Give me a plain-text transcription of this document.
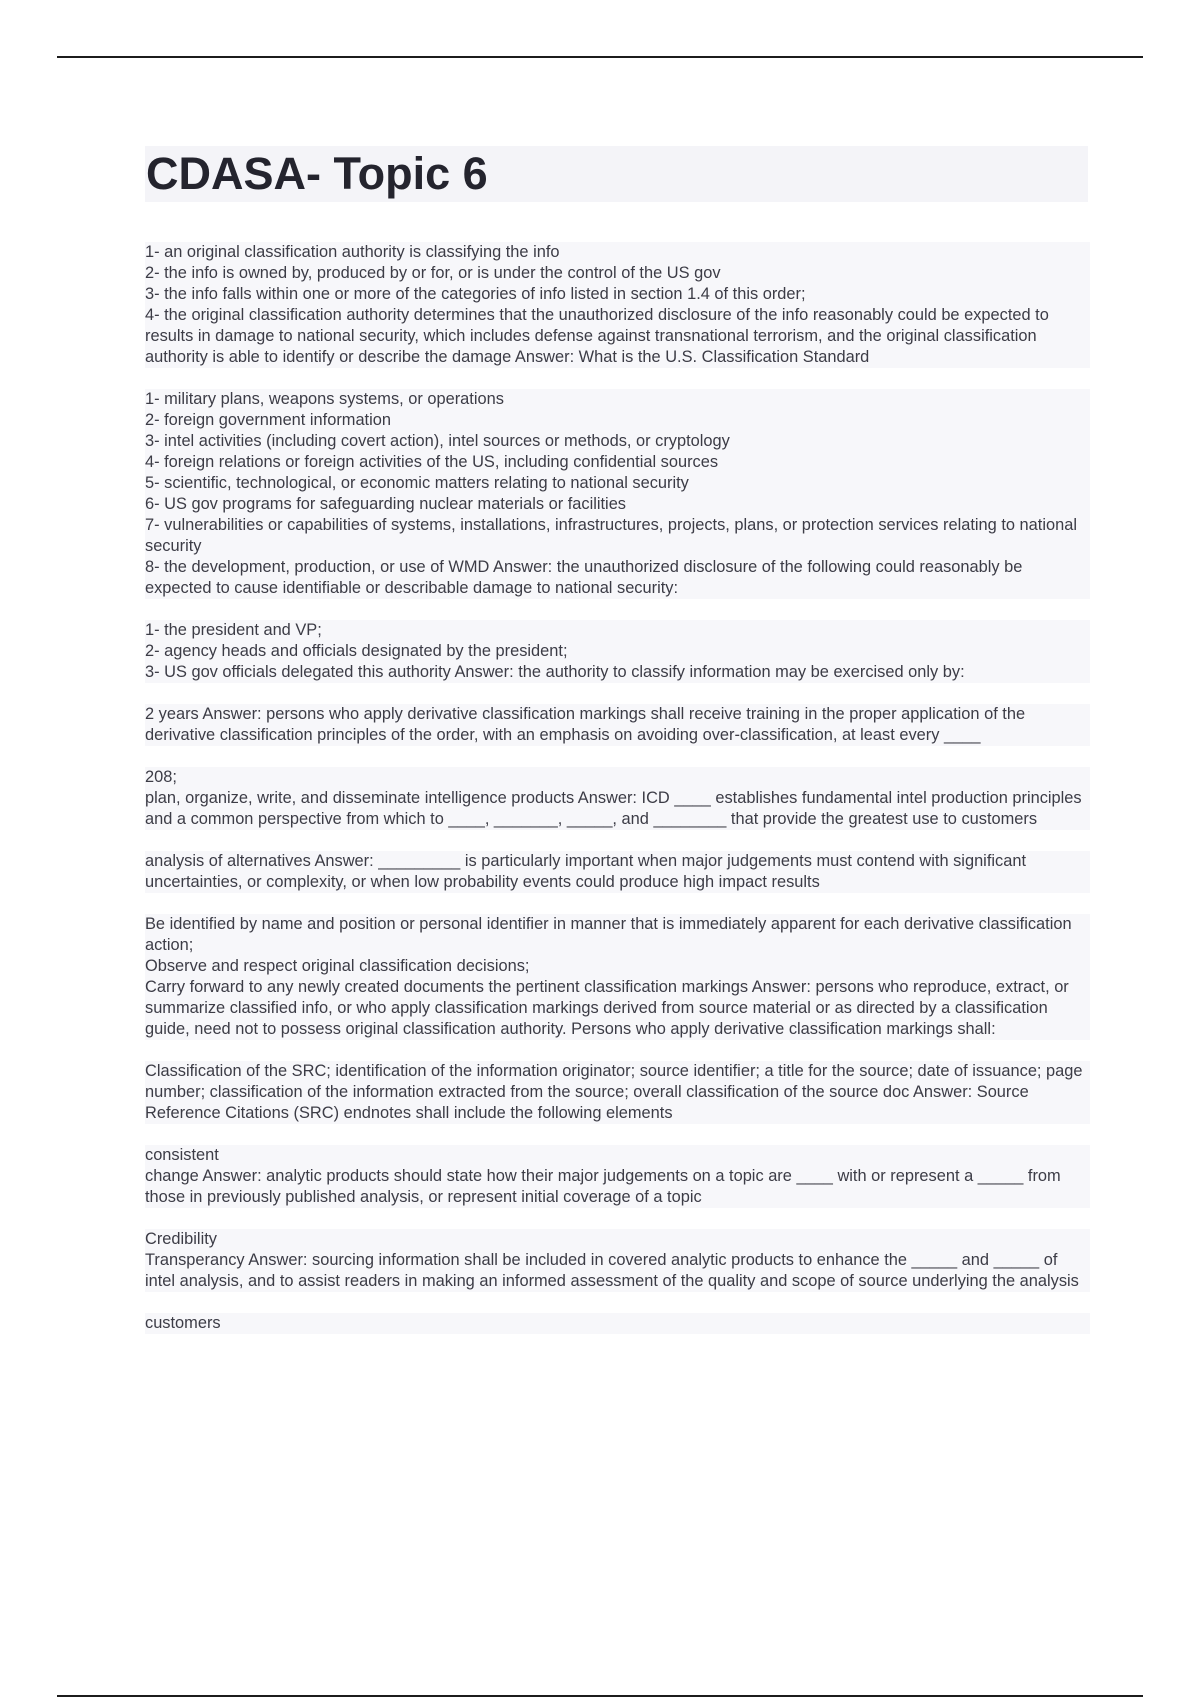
CDASA- Topic 6
1- an original classification authority is classifying the info
2- the info is owned by, produced by or for, or is under the control of the US gov
3- the info falls within one or more of the categories of info listed in section 1.4 of this order;
4- the original classification authority determines that the unauthorized disclosure of the info reasonably could be expected to results in damage to national security, which includes defense against transnational terrorism, and the original classification authority is able to identify or describe the damage Answer: What is the U.S. Classification Standard
1- military plans, weapons systems, or operations
2- foreign government information
3- intel activities (including covert action), intel sources or methods, or cryptology
4- foreign relations or foreign activities of the US, including confidential sources
5- scientific, technological, or economic matters relating to national security
6- US gov programs for safeguarding nuclear materials or facilities
7- vulnerabilities or capabilities of systems, installations, infrastructures, projects, plans, or protection services relating to national security
8- the development, production, or use of WMD Answer: the unauthorized disclosure of the following could reasonably be expected to cause identifiable or describable damage to national security:
1- the president and VP;
2- agency heads and officials designated by the president;
3- US gov officials delegated this authority Answer: the authority to classify information may be exercised only by:
2 years Answer: persons who apply derivative classification markings shall receive training in the proper application of the derivative classification principles of the order, with an emphasis on avoiding over-classification, at least every ____
208;
plan, organize, write, and disseminate intelligence products Answer: ICD ____ establishes fundamental intel production principles and a common perspective from which to ____, _______, _____, and ________ that provide the greatest use to customers
analysis of alternatives Answer: _________ is particularly important when major judgements must contend with significant uncertainties, or complexity, or when low probability events could produce high impact results
Be identified by name and position or personal identifier in manner that is immediately apparent for each derivative classification action;
Observe and respect original classification decisions;
Carry forward to any newly created documents the pertinent classification markings Answer: persons who reproduce, extract, or summarize classified info, or who apply classification markings derived from source material or as directed by a classification guide, need not to possess original classification authority. Persons who apply derivative classification markings shall:
Classification of the SRC; identification of the information originator; source identifier; a title for the source; date of issuance; page number; classification of the information extracted from the source; overall classification of the source doc Answer: Source Reference Citations (SRC) endnotes shall include the following elements
consistent
change Answer: analytic products should state how their major judgements on a topic are ____ with or represent a _____ from those in previously published analysis, or represent initial coverage of a topic
Credibility
Transperancy Answer: sourcing information shall be included in covered analytic products to enhance the _____ and _____ of intel analysis, and to assist readers in making an informed assessment of the quality and scope of source underlying the analysis
customers
